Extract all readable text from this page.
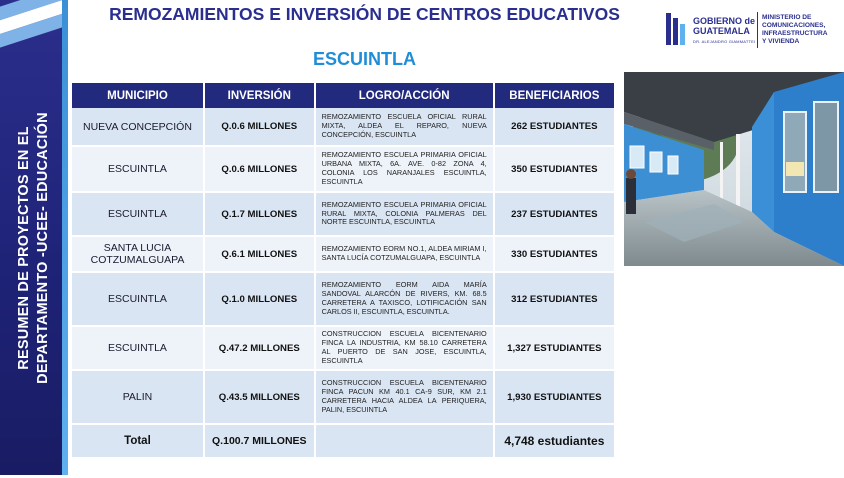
RESUMEN DE PROYECTOS EN EL DEPARTAMENTO -UCEE- EDUCACIÓN
REMOZAMIENTOS E INVERSIÓN DE CENTROS EDUCATIVOS
ESCUINTLA
GOBIERNO de
GUATEMALA
DR. ALEJANDRO GIAMMATTEI
MINISTERIO DE
COMUNICACIONES,
INFRAESTRUCTURA
Y VIVIENDA
MUNICIPIO	INVERSIÓN	LOGRO/ACCIÓN	BENEFICIARIOS
NUEVA CONCEPCIÓN	Q.0.6 MILLONES	REMOZAMIENTO ESCUELA OFICIAL RURAL MIXTA, ALDEA EL REPARO, NUEVA CONCEPCIÓN, ESCUINTLA	262 ESTUDIANTES
ESCUINTLA	Q.0.6 MILLONES	REMOZAMIENTO ESCUELA PRIMARIA OFICIAL URBANA MIXTA, 6A. AVE. 0-82 ZONA 4, COLONIA LOS NARANJALES ESCUINTLA, ESCUINTLA	350 ESTUDIANTES
ESCUINTLA	Q.1.7 MILLONES	REMOZAMIENTO ESCUELA PRIMARIA OFICIAL RURAL MIXTA, COLONIA PALMERAS DEL NORTE ESCUINTLA, ESCUINTLA	237 ESTUDIANTES
SANTA LUCIA COTZUMALGUAPA	Q.6.1 MILLONES	REMOZAMIENTO EORM NO.1, ALDEA MIRIAM I, SANTA LUCÍA COTZUMALGUAPA, ESCUINTLA	330 ESTUDIANTES
ESCUINTLA	Q.1.0 MILLONES	REMOZAMIENTO EORM AIDA MARÍA SANDOVAL ALARCÓN DE RIVERS, KM. 68.5 CARRETERA A TAXISCO, LOTIFICACIÓN SAN CARLOS II, ESCUINTLA, ESCUINTLA.	312 ESTUDIANTES
ESCUINTLA	Q.47.2 MILLONES	CONSTRUCCION ESCUELA BICENTENARIO FINCA LA INDUSTRIA, KM 58.10 CARRETERA AL PUERTO DE SAN JOSE, ESCUINTLA, ESCUINTLA	1,327 ESTUDIANTES
PALIN	Q.43.5 MILLONES	CONSTRUCCION ESCUELA BICENTENARIO FINCA PACUN KM 40.1 CA-9 SUR, KM 2.1 CARRETERA HACIA ALDEA LA PERIQUERA, PALIN, ESCUINTLA	1,930 ESTUDIANTES
Total	Q.100.7 MILLONES		4,748 estudiantes
